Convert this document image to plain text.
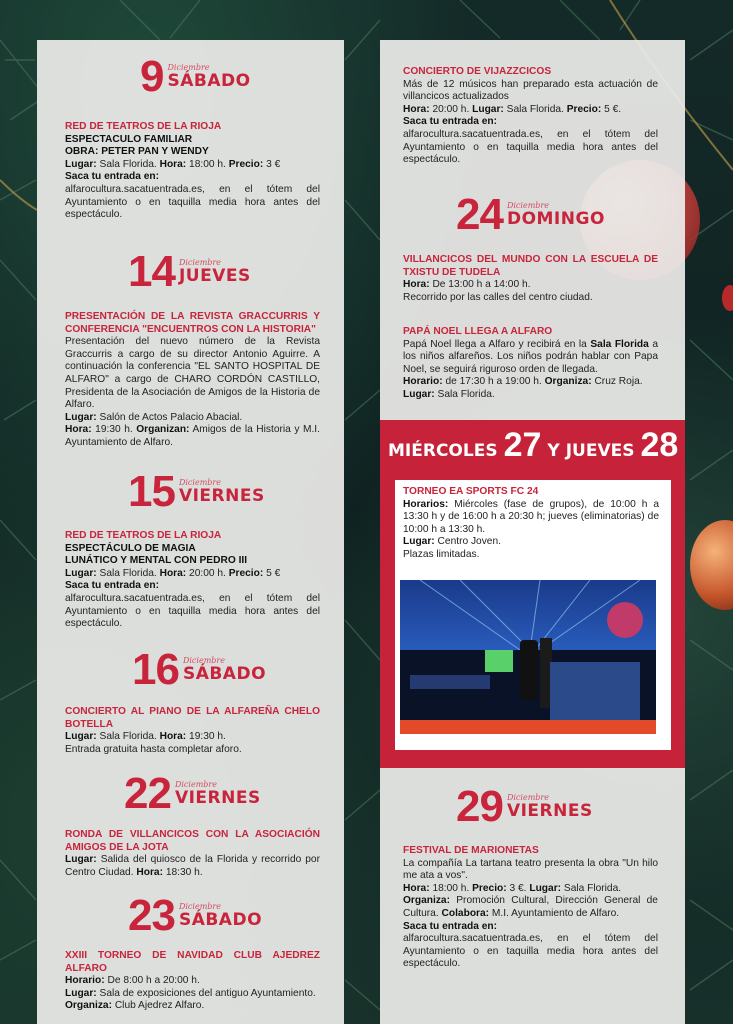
9 Diciembre
SÁBADO
RED DE TEATROS DE LA RIOJA
ESPECTACULO FAMILIAR
OBRA: PETER PAN Y WENDY
Lugar: Sala Florida. Hora: 18:00 h. Precio: 3 €
Saca tu entrada en:
alfarocultura.sacatuentrada.es, en el tótem del Ayuntamiento o en taquilla media hora antes del espectáculo.
14 Diciembre
JUEVES
PRESENTACIÓN DE LA REVISTA GRACCURRIS Y CONFERENCIA "ENCUENTROS CON LA HISTORIA"
Presentación del nuevo número de la Revista Graccurris a cargo de su director Antonio Aguirre. A continuación la conferencia "EL SANTO HOSPITAL DE ALFARO" a cargo de CHARO CORDÓN CASTILLO, Presidenta de la Asociación de Amigos de la Historia de Alfaro.
Lugar: Salón de Actos Palacio Abacial.
Hora: 19:30 h. Organizan: Amigos de la Historia y M.I. Ayuntamiento de Alfaro.
15 Diciembre
VIERNES
RED DE TEATROS DE LA RIOJA
ESPECTÁCULO DE MAGIA
LUNÁTICO Y MENTAL CON PEDRO III
Lugar: Sala Florida. Hora: 20:00 h. Precio: 5 €
Saca tu entrada en:
alfarocultura.sacatuentrada.es, en el tótem del Ayuntamiento o en taquilla media hora antes del espectáculo.
16 Diciembre
SÁBADO
CONCIERTO AL PIANO DE LA ALFAREÑA CHELO BOTELLA
Lugar: Sala Florida. Hora: 19:30 h.
Entrada gratuita hasta completar aforo.
22 Diciembre
VIERNES
RONDA DE VILLANCICOS CON LA ASOCIACIÓN AMIGOS DE LA JOTA
Lugar: Salida del quiosco de la Florida y recorrido por Centro Ciudad. Hora: 18:30 h.
23 Diciembre
SÁBADO
XXIII TORNEO DE NAVIDAD CLUB AJEDREZ ALFARO
Horario: De 8:00 h a 20:00 h.
Lugar: Sala de exposiciones del antiguo Ayuntamiento.
Organiza: Club Ajedrez Alfaro.
CONCIERTO DE VIJAZZCICOS
Más de 12 músicos han preparado esta actuación de villancicos actualizados
Hora: 20:00 h. Lugar: Sala Florida. Precio: 5 €.
Saca tu entrada en:
alfarocultura.sacatuentrada.es, en el tótem del Ayuntamiento o en taquilla media hora antes del espectáculo.
24 Diciembre
DOMINGO
VILLANCICOS DEL MUNDO CON LA ESCUELA DE TXISTU DE TUDELA
Hora: De 13:00 h a 14:00 h.
Recorrido por las calles del centro ciudad.
PAPÁ NOEL LLEGA A ALFARO
Papá Noel llega a Alfaro y recibirá en la Sala Florida a los niños alfareños. Los niños podrán hablar con Papa Noel, se seguirá riguroso orden de llegada.
Horario: de 17:30 h a 19:00 h. Organiza: Cruz Roja.
Lugar: Sala Florida.
MIÉRCOLES 27 Y JUEVES 28
TORNEO EA SPORTS FC 24
Horarios: Miércoles (fase de grupos), de 10:00 h a 13:30 h y de 16:00 h a 20:30 h; jueves (eliminatorias) de 10:00 h a 13:30 h.
Lugar: Centro Joven.
Plazas limitadas.
29 Diciembre
VIERNES
FESTIVAL DE MARIONETAS
La compañía La tartana teatro presenta la obra "Un hilo me ata a vos".
Hora: 18:00 h. Precio: 3 €. Lugar: Sala Florida.
Organiza: Promoción Cultural, Dirección General de Cultura. Colabora: M.I. Ayuntamiento de Alfaro.
Saca tu entrada en:
alfarocultura.sacatuentrada.es, en el tótem del Ayuntamiento o en taquilla media hora antes del espectáculo.
